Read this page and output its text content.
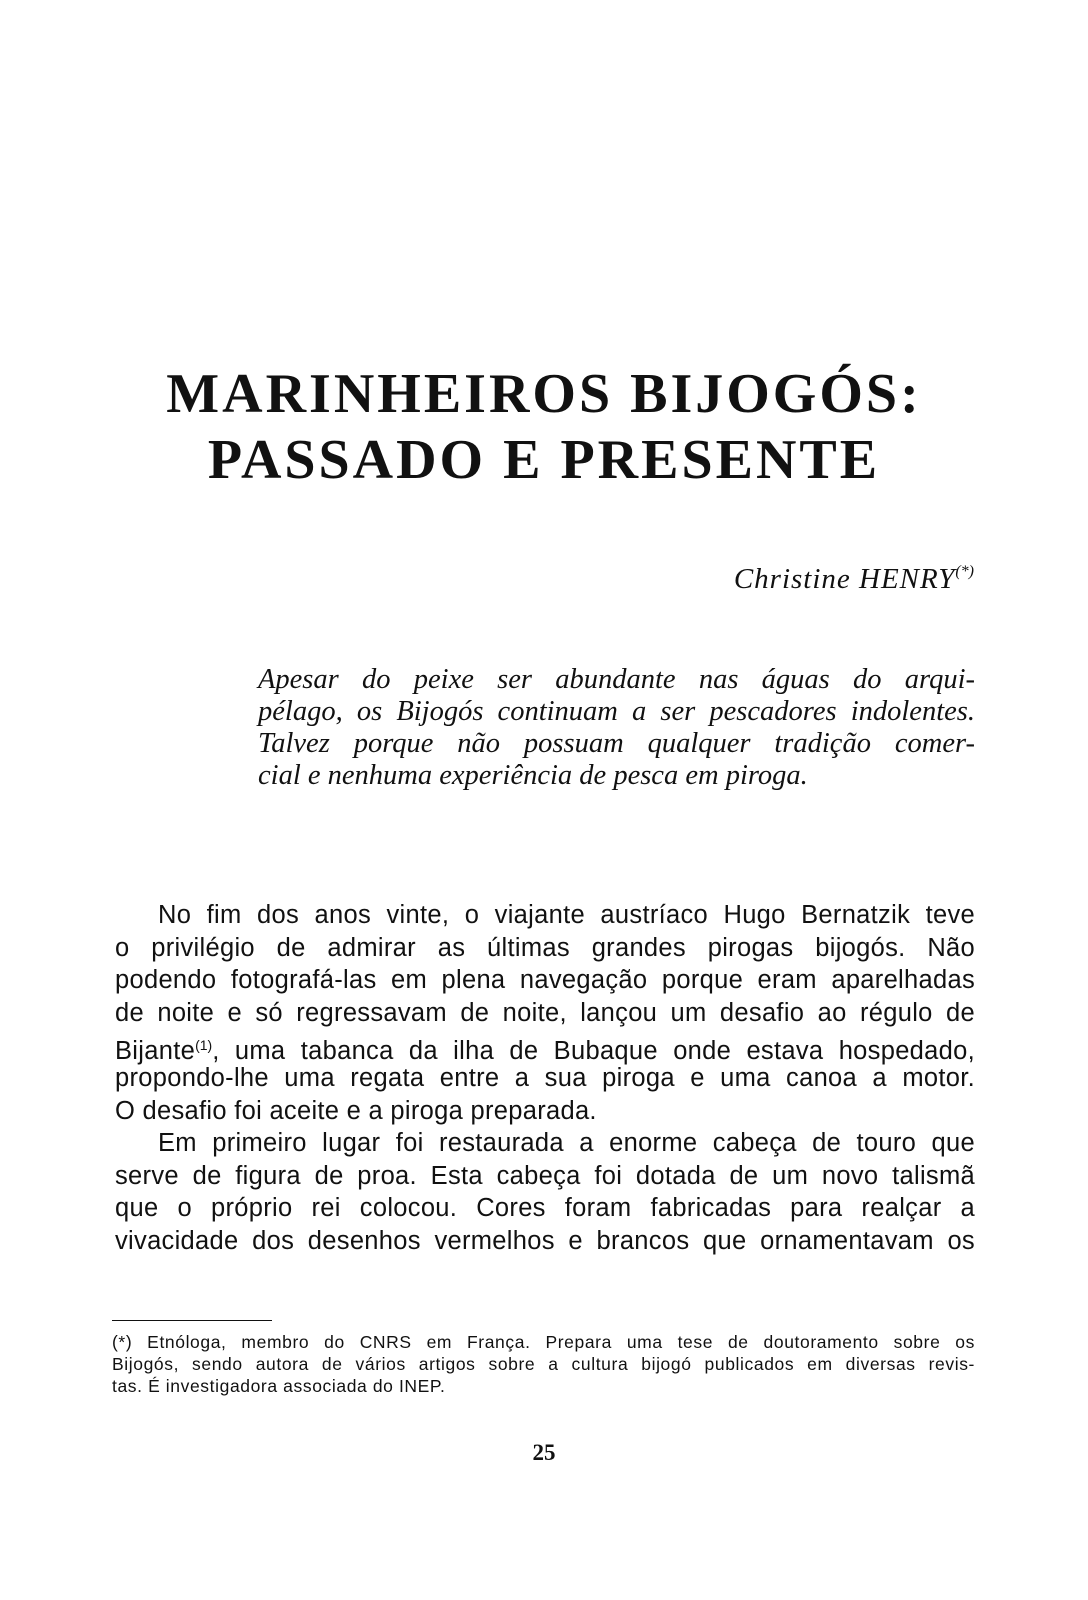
MARINHEIROS BIJOGÓS:
PASSADO E PRESENTE
Christine HENRY(*)
Apesar do peixe ser abundante nas águas do arqui-
pélago, os Bijogós continuam a ser pescadores indolentes.
Talvez porque não possuam qualquer tradição comer-
cial e nenhuma experiência de pesca em piroga.
No fim dos anos vinte, o viajante austríaco Hugo Bernatzik teve
o privilégio de admirar as últimas grandes pirogas bijogós. Não
podendo fotografá-las em plena navegação porque eram aparelhadas
de noite e só regressavam de noite, lançou um desafio ao régulo de
Bijante$^{(1)}$, uma tabanca da ilha de Bubaque onde estava hospedado,
propondo-lhe uma regata entre a sua piroga e uma canoa a motor.
O desafio foi aceite e a piroga preparada.
Em primeiro lugar foi restaurada a enorme cabeça de touro que
serve de figura de proa. Esta cabeça foi dotada de um novo talismã
que o próprio rei colocou. Cores foram fabricadas para realçar a
vivacidade dos desenhos vermelhos e brancos que ornamentavam os
(*) Etnóloga, membro do CNRS em França. Prepara uma tese de doutoramento sobre os
Bijogós, sendo autora de vários artigos sobre a cultura bijogó publicados em diversas revis-
tas. É investigadora associada do INEP.
25
